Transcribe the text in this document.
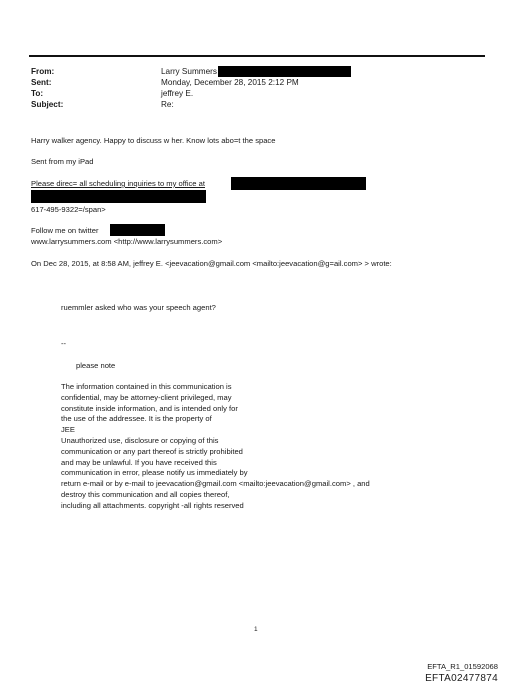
From:
Sent:
To:
Subject:
Larry Summers
Monday, December 28, 2015 2:12 PM
jeffrey E.
Re:
Harry walker agency. Happy to discuss w her. Know lots abo=t the space
Sent from my iPad
Please direc= all scheduling inquiries to my office at
617-495-9322=/span>
Follow me on twitter
www.larrysummers.com <http://www.larrysummers.com>
On Dec 28, 2015, at 8:58 AM, jeffrey E. <jeevacation@gmail.com <mailto:jeevacation@g=ail.com> > wrote:
ruemmler asked who was your speech agent?
--
please note
The information contained in this communication is
confidential, may be attorney-client privileged, may
constitute inside information, and is intended only for
the use of the addressee. It is the property of
JEE
Unauthorized use, disclosure or copying of this
communication or any part thereof is strictly prohibited
and may be unlawful. If you have received this
communication in error, please notify us immediately by
return e-mail or by e-mail to jeevacation@gmail.com <mailto:jeevacation@gmail.com> , and
destroy this communication and all copies thereof,
including all attachments. copyright -all rights reserved
1
EFTA_R1_01592068
EFTA02477874
